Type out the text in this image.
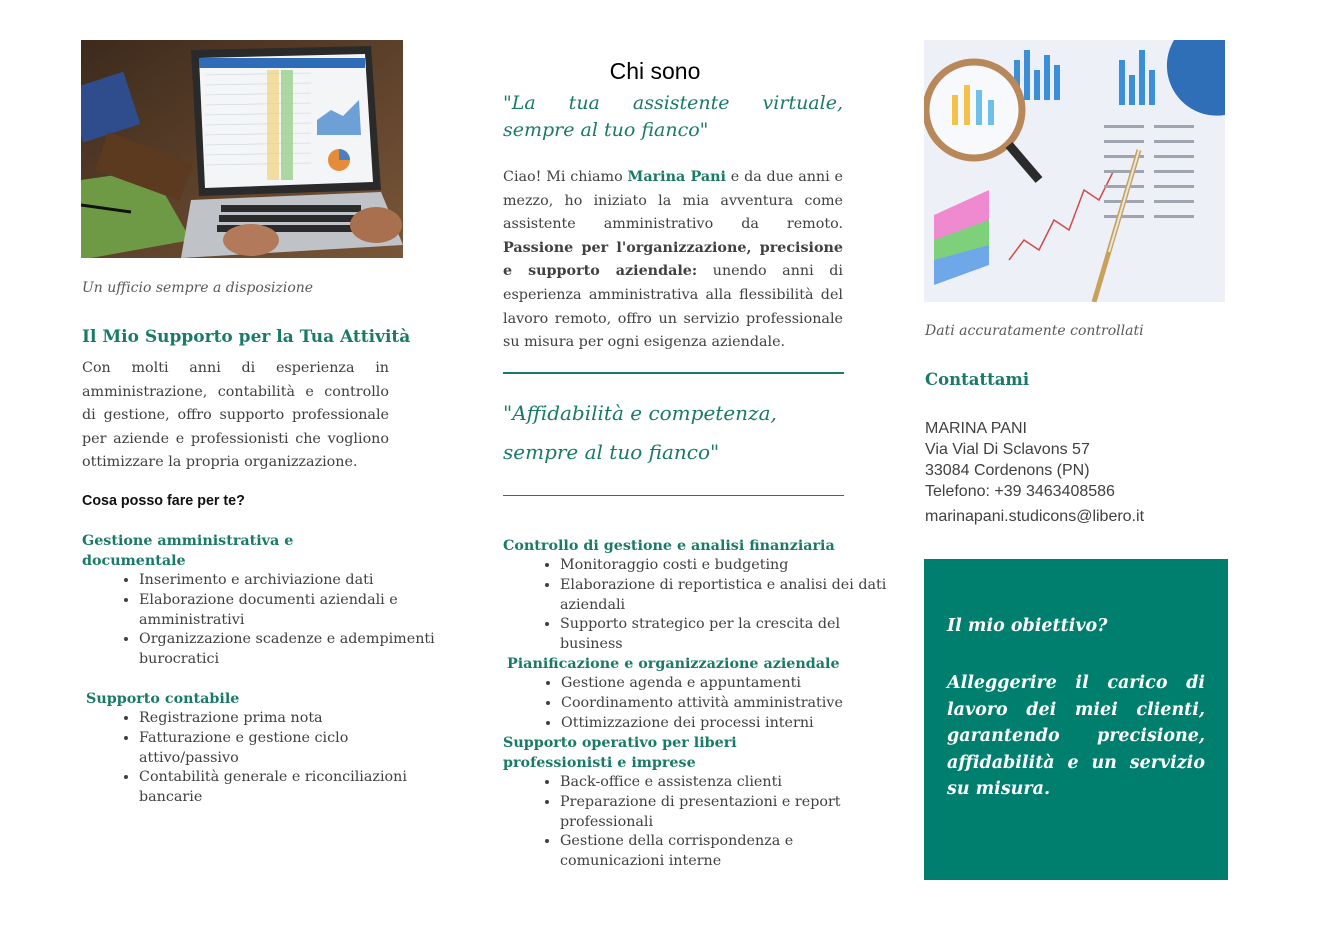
Un ufficio sempre a disposizione
Il Mio Supporto per la Tua Attività
Con molti anni di esperienza in amministrazione, contabilità e controllo di gestione, offro supporto professionale per aziende e professionisti che vogliono ottimizzare la propria organizzazione.
Cosa posso fare per te?
Gestione amministrativa e documentale
• Inserimento e archiviazione dati
• Elaborazione documenti aziendali e amministrativi
• Organizzazione scadenze e adempimenti burocratici
Supporto contabile
• Registrazione prima nota
• Fatturazione e gestione ciclo attivo/passivo
• Contabilità generale e riconciliazioni bancarie
Chi sono
"La tua assistente virtuale,
sempre al tuo fianco"
Ciao! Mi chiamo Marina Pani e da due anni e mezzo, ho iniziato la mia avventura come assistente amministrativo da remoto. Passione per l'organizzazione, precisione e supporto aziendale: unendo anni di esperienza amministrativa alla flessibilità del lavoro remoto, offro un servizio professionale su misura per ogni esigenza aziendale.
"Affidabilità e competenza, sempre al tuo fianco"
Controllo di gestione e analisi finanziaria
• Monitoraggio costi e budgeting
• Elaborazione di reportistica e analisi dei dati aziendali
• Supporto strategico per la crescita del business
Pianificazione e organizzazione aziendale
• Gestione agenda e appuntamenti
• Coordinamento attività amministrative
• Ottimizzazione dei processi interni
Supporto operativo per liberi professionisti e imprese
• Back-office e assistenza clienti
• Preparazione di presentazioni e report professionali
• Gestione della corrispondenza e comunicazioni interne
Dati accuratamente controllati
Contattami
MARINA PANI
Via Vial Di Sclavons 57
33084 Cordenons (PN)
Telefono: +39 3463408586
marinapani.studicons@libero.it
Il mio obiettivo?
Alleggerire il carico di lavoro dei miei clienti, garantendo precisione, affidabilità e un servizio su misura.
